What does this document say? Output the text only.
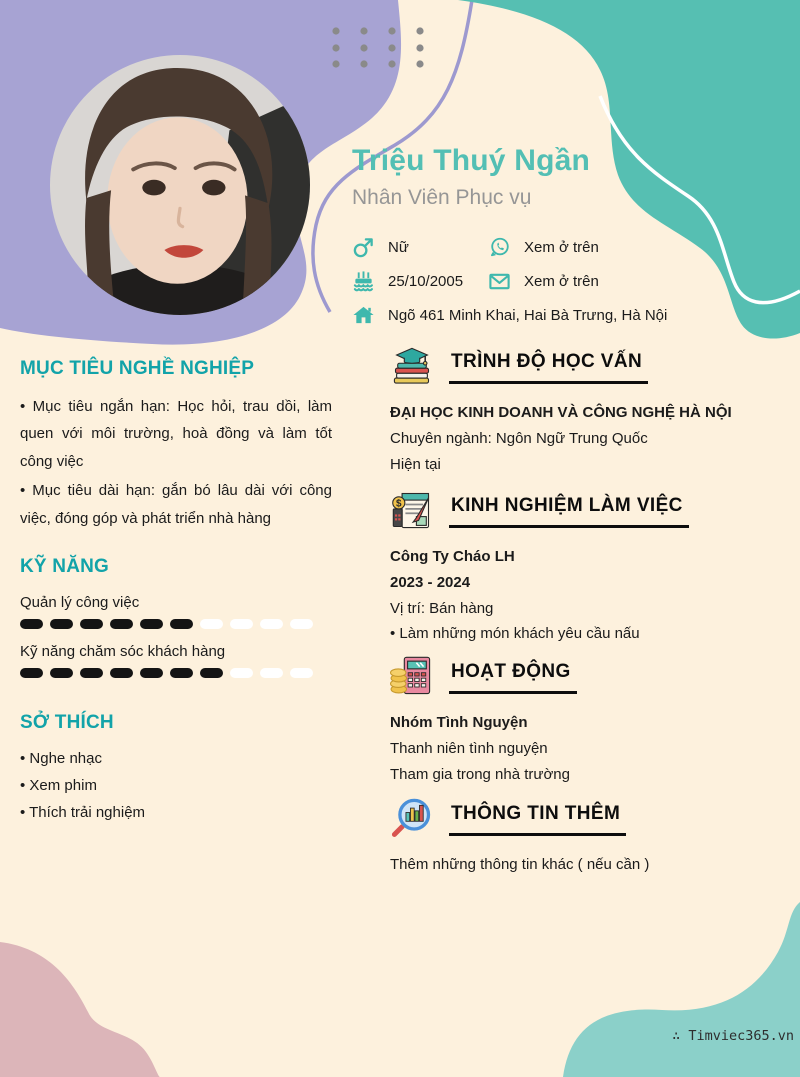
Triệu Thuý Ngần
Nhân Viên Phục vụ
Nữ	Xem ở trên
25/10/2005	Xem ở trên
Ngõ 461 Minh Khai, Hai Bà Trưng, Hà Nội
MỤC TIÊU NGHỀ NGHIỆP

• Mục tiêu ngắn hạn: Học hỏi, trau dồi, làm quen với môi trường, hoà đồng và làm tốt công việc

• Mục tiêu dài hạn: gắn bó lâu dài với công việc, đóng góp và phát triển nhà hàng

KỸ NĂNG
Quản lý công việc
Kỹ năng chăm sóc khách hàng
SỞ THÍCH

• Nghe nhạc

• Xem phim

• Thích trải nghiệm

TRÌNH ĐỘ HỌC VẤN
ĐẠI HỌC KINH DOANH VÀ CÔNG NGHỆ HÀ NỘI
Chuyên ngành: Ngôn Ngữ Trung Quốc
Hiện tại
$	KINH NGHIỆM LÀM VIỆC
Công Ty Cháo LH
2023 - 2024
Vị trí: Bán hàng
• Làm những món khách yêu cầu nấu
HOẠT ĐỘNG
Nhóm Tình Nguyện
Thanh niên tình nguyện
Tham gia trong nhà trường
THÔNG TIN THÊM
Thêm những thông tin khác ( nếu cần )
∴ Timviec365.vn
